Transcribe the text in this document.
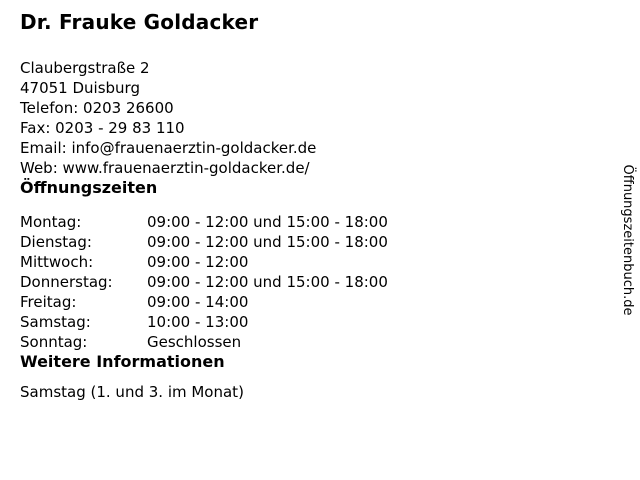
Dr. Frauke Goldacker
Claubergstraße 2
47051 Duisburg
Telefon: 0203 26600
Fax: 0203 - 29 83 110
Email: info@frauenaerztin-goldacker.de
Web: www.frauenaerztin-goldacker.de/
Öffnungszeiten
Montag:	09:00 - 12:00 und 15:00 - 18:00
Dienstag:	09:00 - 12:00 und 15:00 - 18:00
Mittwoch:	09:00 - 12:00
Donnerstag:	09:00 - 12:00 und 15:00 - 18:00
Freitag:	09:00 - 14:00
Samstag:	10:00 - 13:00
Sonntag:	Geschlossen
Weitere Informationen
Samstag (1. und 3. im Monat)
Öffnungszeitenbuch.de
